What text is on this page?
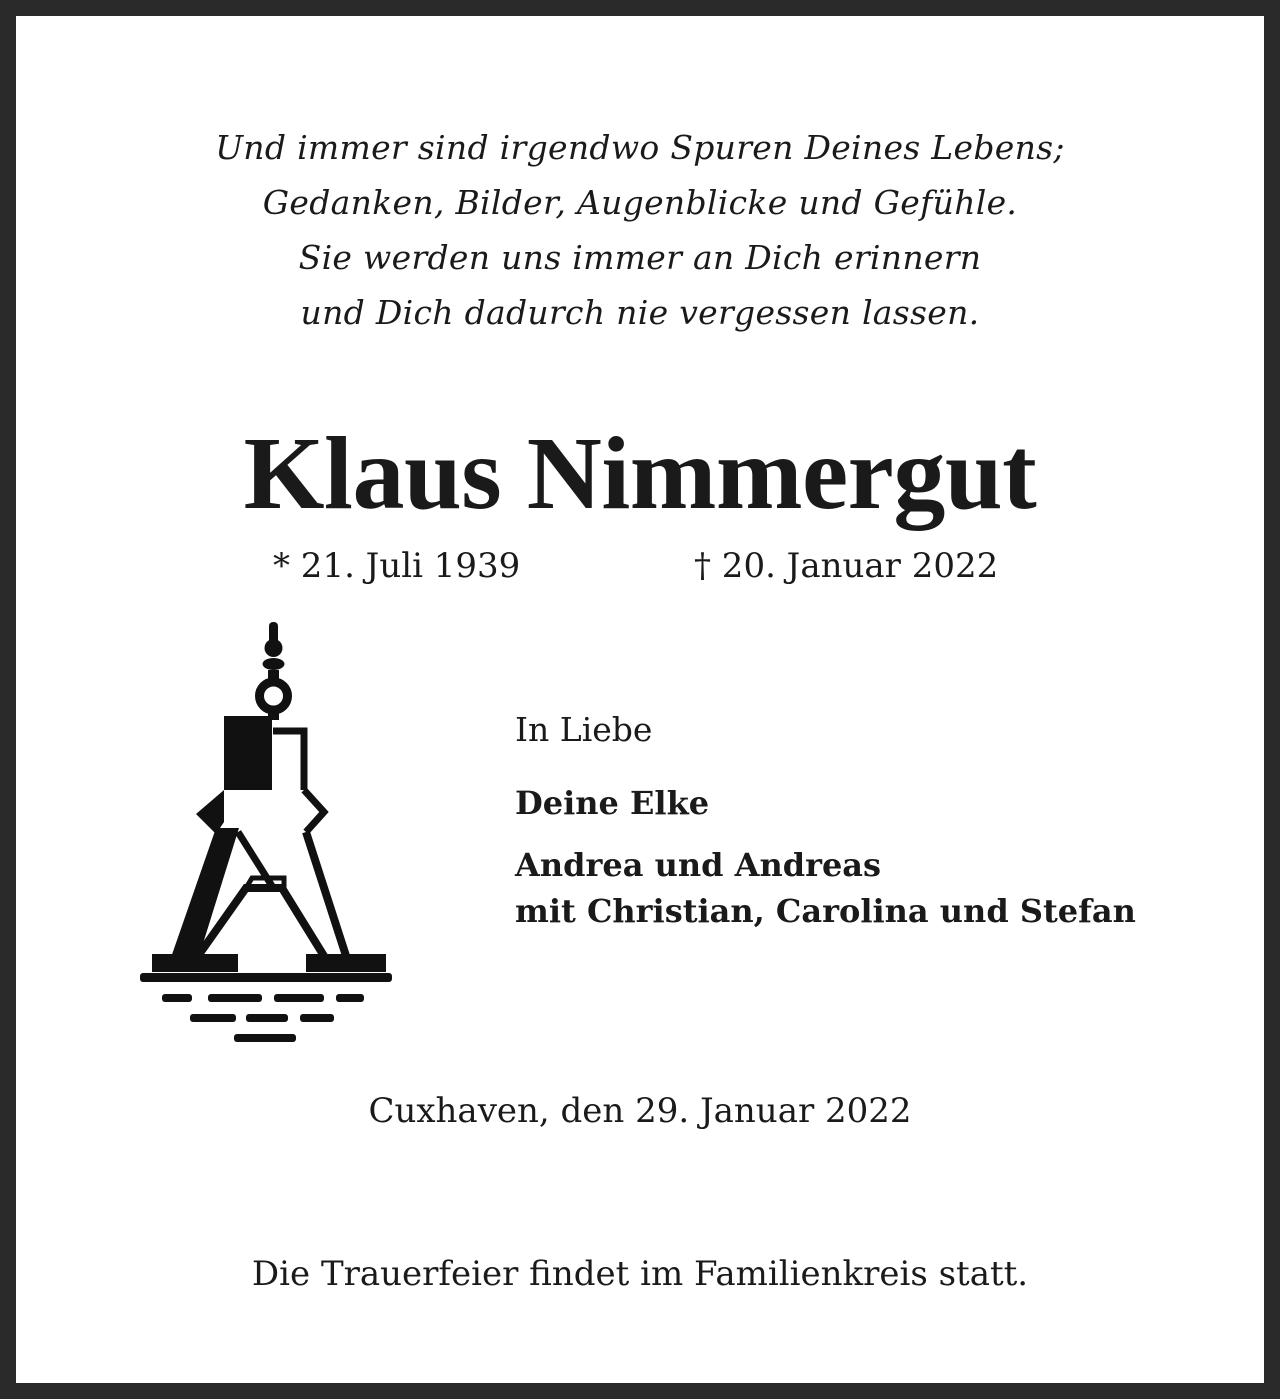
Und immer sind irgendwo Spuren Deines Lebens;
Gedanken, Bilder, Augenblicke und Gefühle.
Sie werden uns immer an Dich erinnern
und Dich dadurch nie vergessen lassen.
Klaus Nimmergut
* 21. Juli 1939	† 20. Januar 2022
In Liebe
Deine Elke
Andrea und Andreas
mit Christian, Carolina und Stefan
Cuxhaven, den 29. Januar 2022
Die Trauerfeier findet im Familienkreis statt.
